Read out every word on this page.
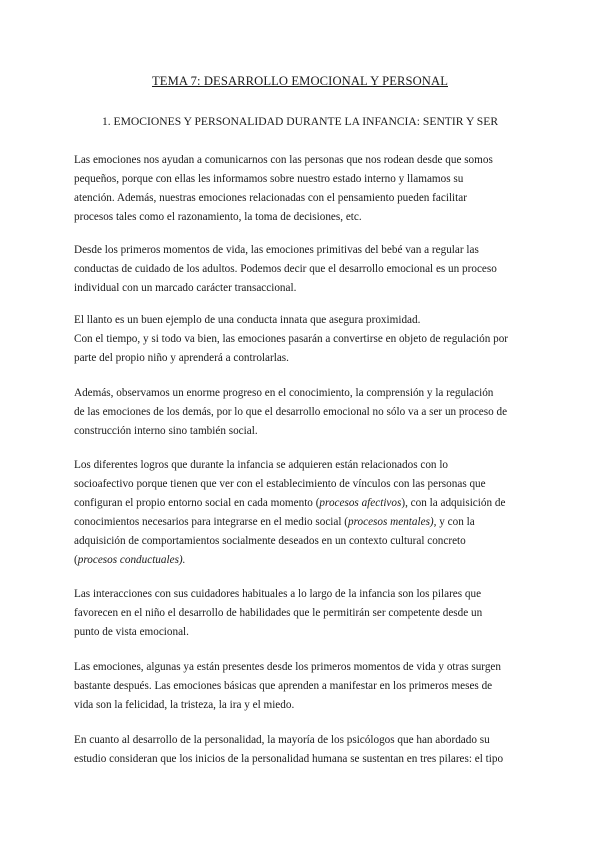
TEMA 7: DESARROLLO EMOCIONAL Y PERSONAL
1. EMOCIONES Y PERSONALIDAD DURANTE LA INFANCIA: SENTIR Y SER

Las emociones nos ayudan a comunicarnos con las personas que nos rodean desde que somos
pequeños, porque con ellas les informamos sobre nuestro estado interno y llamamos su
atención. Además, nuestras emociones relacionadas con el pensamiento pueden facilitar
procesos tales como el razonamiento, la toma de decisiones, etc.

Desde los primeros momentos de vida, las emociones primitivas del bebé van a regular las
conductas de cuidado de los adultos. Podemos decir que el desarrollo emocional es un proceso
individual con un marcado carácter transaccional.

El llanto es un buen ejemplo de una conducta innata que asegura proximidad.
Con el tiempo, y si todo va bien, las emociones pasarán a convertirse en objeto de regulación por
parte del propio niño y aprenderá a controlarlas.

Además, observamos un enorme progreso en el conocimiento, la comprensión y la regulación
de las emociones de los demás, por lo que el desarrollo emocional no sólo va a ser un proceso de
construcción interno sino también social.

Los diferentes logros que durante la infancia se adquieren están relacionados con lo
socioafectivo porque tienen que ver con el establecimiento de vínculos con las personas que
configuran el propio entorno social en cada momento (procesos afectivos), con la adquisición de
conocimientos necesarios para integrarse en el medio social (procesos mentales), y con la
adquisición de comportamientos socialmente deseados en un contexto cultural concreto
(procesos conductuales).

Las interacciones con sus cuidadores habituales a lo largo de la infancia son los pilares que
favorecen en el niño el desarrollo de habilidades que le permitirán ser competente desde un
punto de vista emocional.

Las emociones, algunas ya están presentes desde los primeros momentos de vida y otras surgen
bastante después. Las emociones básicas que aprenden a manifestar en los primeros meses de
vida son la felicidad, la tristeza, la ira y el miedo.

En cuanto al desarrollo de la personalidad, la mayoría de los psicólogos que han abordado su
estudio consideran que los inicios de la personalidad humana se sustentan en tres pilares: el tipo
